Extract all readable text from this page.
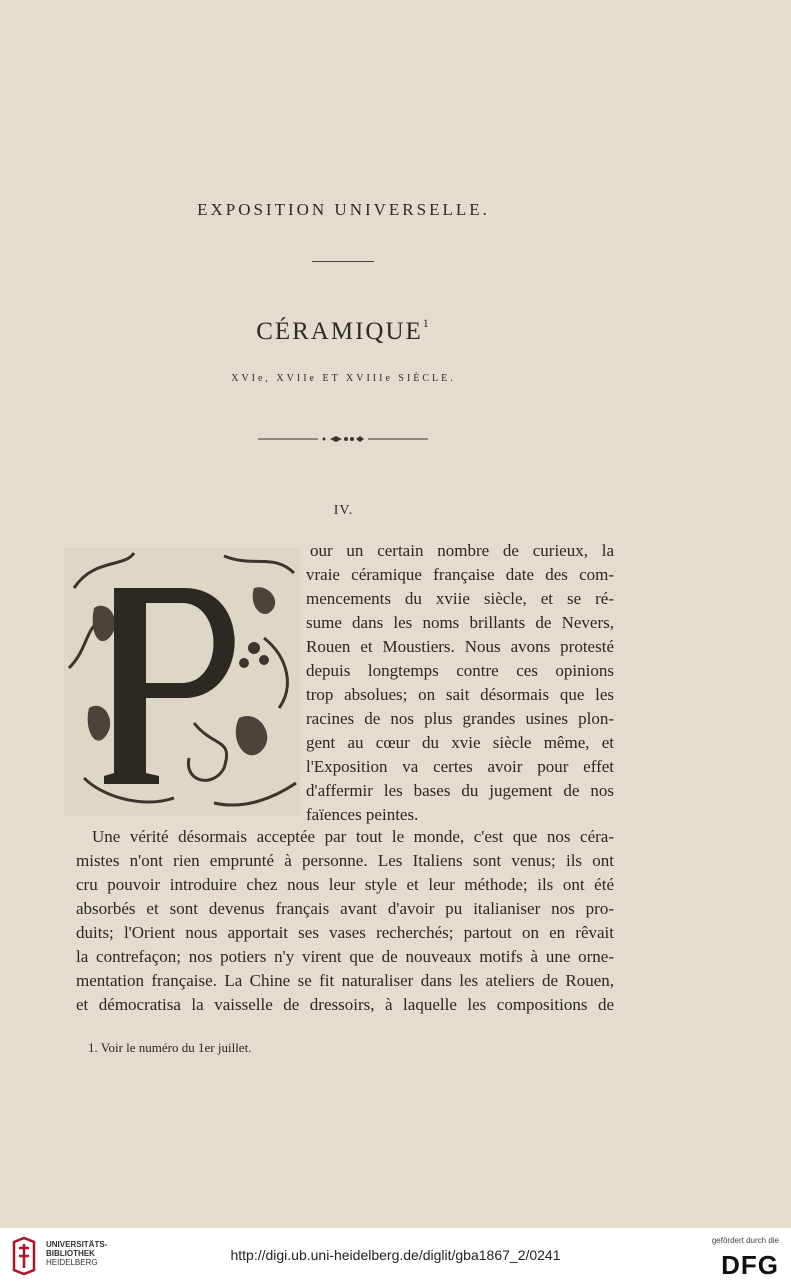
EXPOSITION UNIVERSELLE.
CÉRAMIQUE$^1$
XVIe, XVIIe ET XVIIIe SIÈCLE.
IV.
our un certain nombre de curieux, la
vraie céramique française date des com-
mencements du xviie siècle, et se ré-
sume dans les noms brillants de Nevers,
Rouen et Moustiers. Nous avons protesté
depuis longtemps contre ces opinions
trop absolues; on sait désormais que les
racines de nos plus grandes usines plon-
gent au cœur du xvie siècle même, et
l'Exposition va certes avoir pour effet
d'affermir les bases du jugement de nos
faïences peintes.
Une vérité désormais acceptée par tout le monde, c'est que nos céra-
mistes n'ont rien emprunté à personne. Les Italiens sont venus; ils ont
cru pouvoir introduire chez nous leur style et leur méthode; ils ont été
absorbés et sont devenus français avant d'avoir pu italianiser nos pro-
duits; l'Orient nous apportait ses vases recherchés; partout on en rêvait
la contrefaçon; nos potiers n'y virent que de nouveaux motifs à une orne-
mentation française. La Chine se fit naturaliser dans les ateliers de Rouen,
et démocratisa la vaisselle de dressoirs, à laquelle les compositions de
1. Voir le numéro du 1er juillet.
UNIVERSITÄTS-
BIBLIOTHEK
HEIDELBERG	http://digi.ub.uni-heidelberg.de/diglit/gba1867_2/0241
gefördert durch die
DFG
